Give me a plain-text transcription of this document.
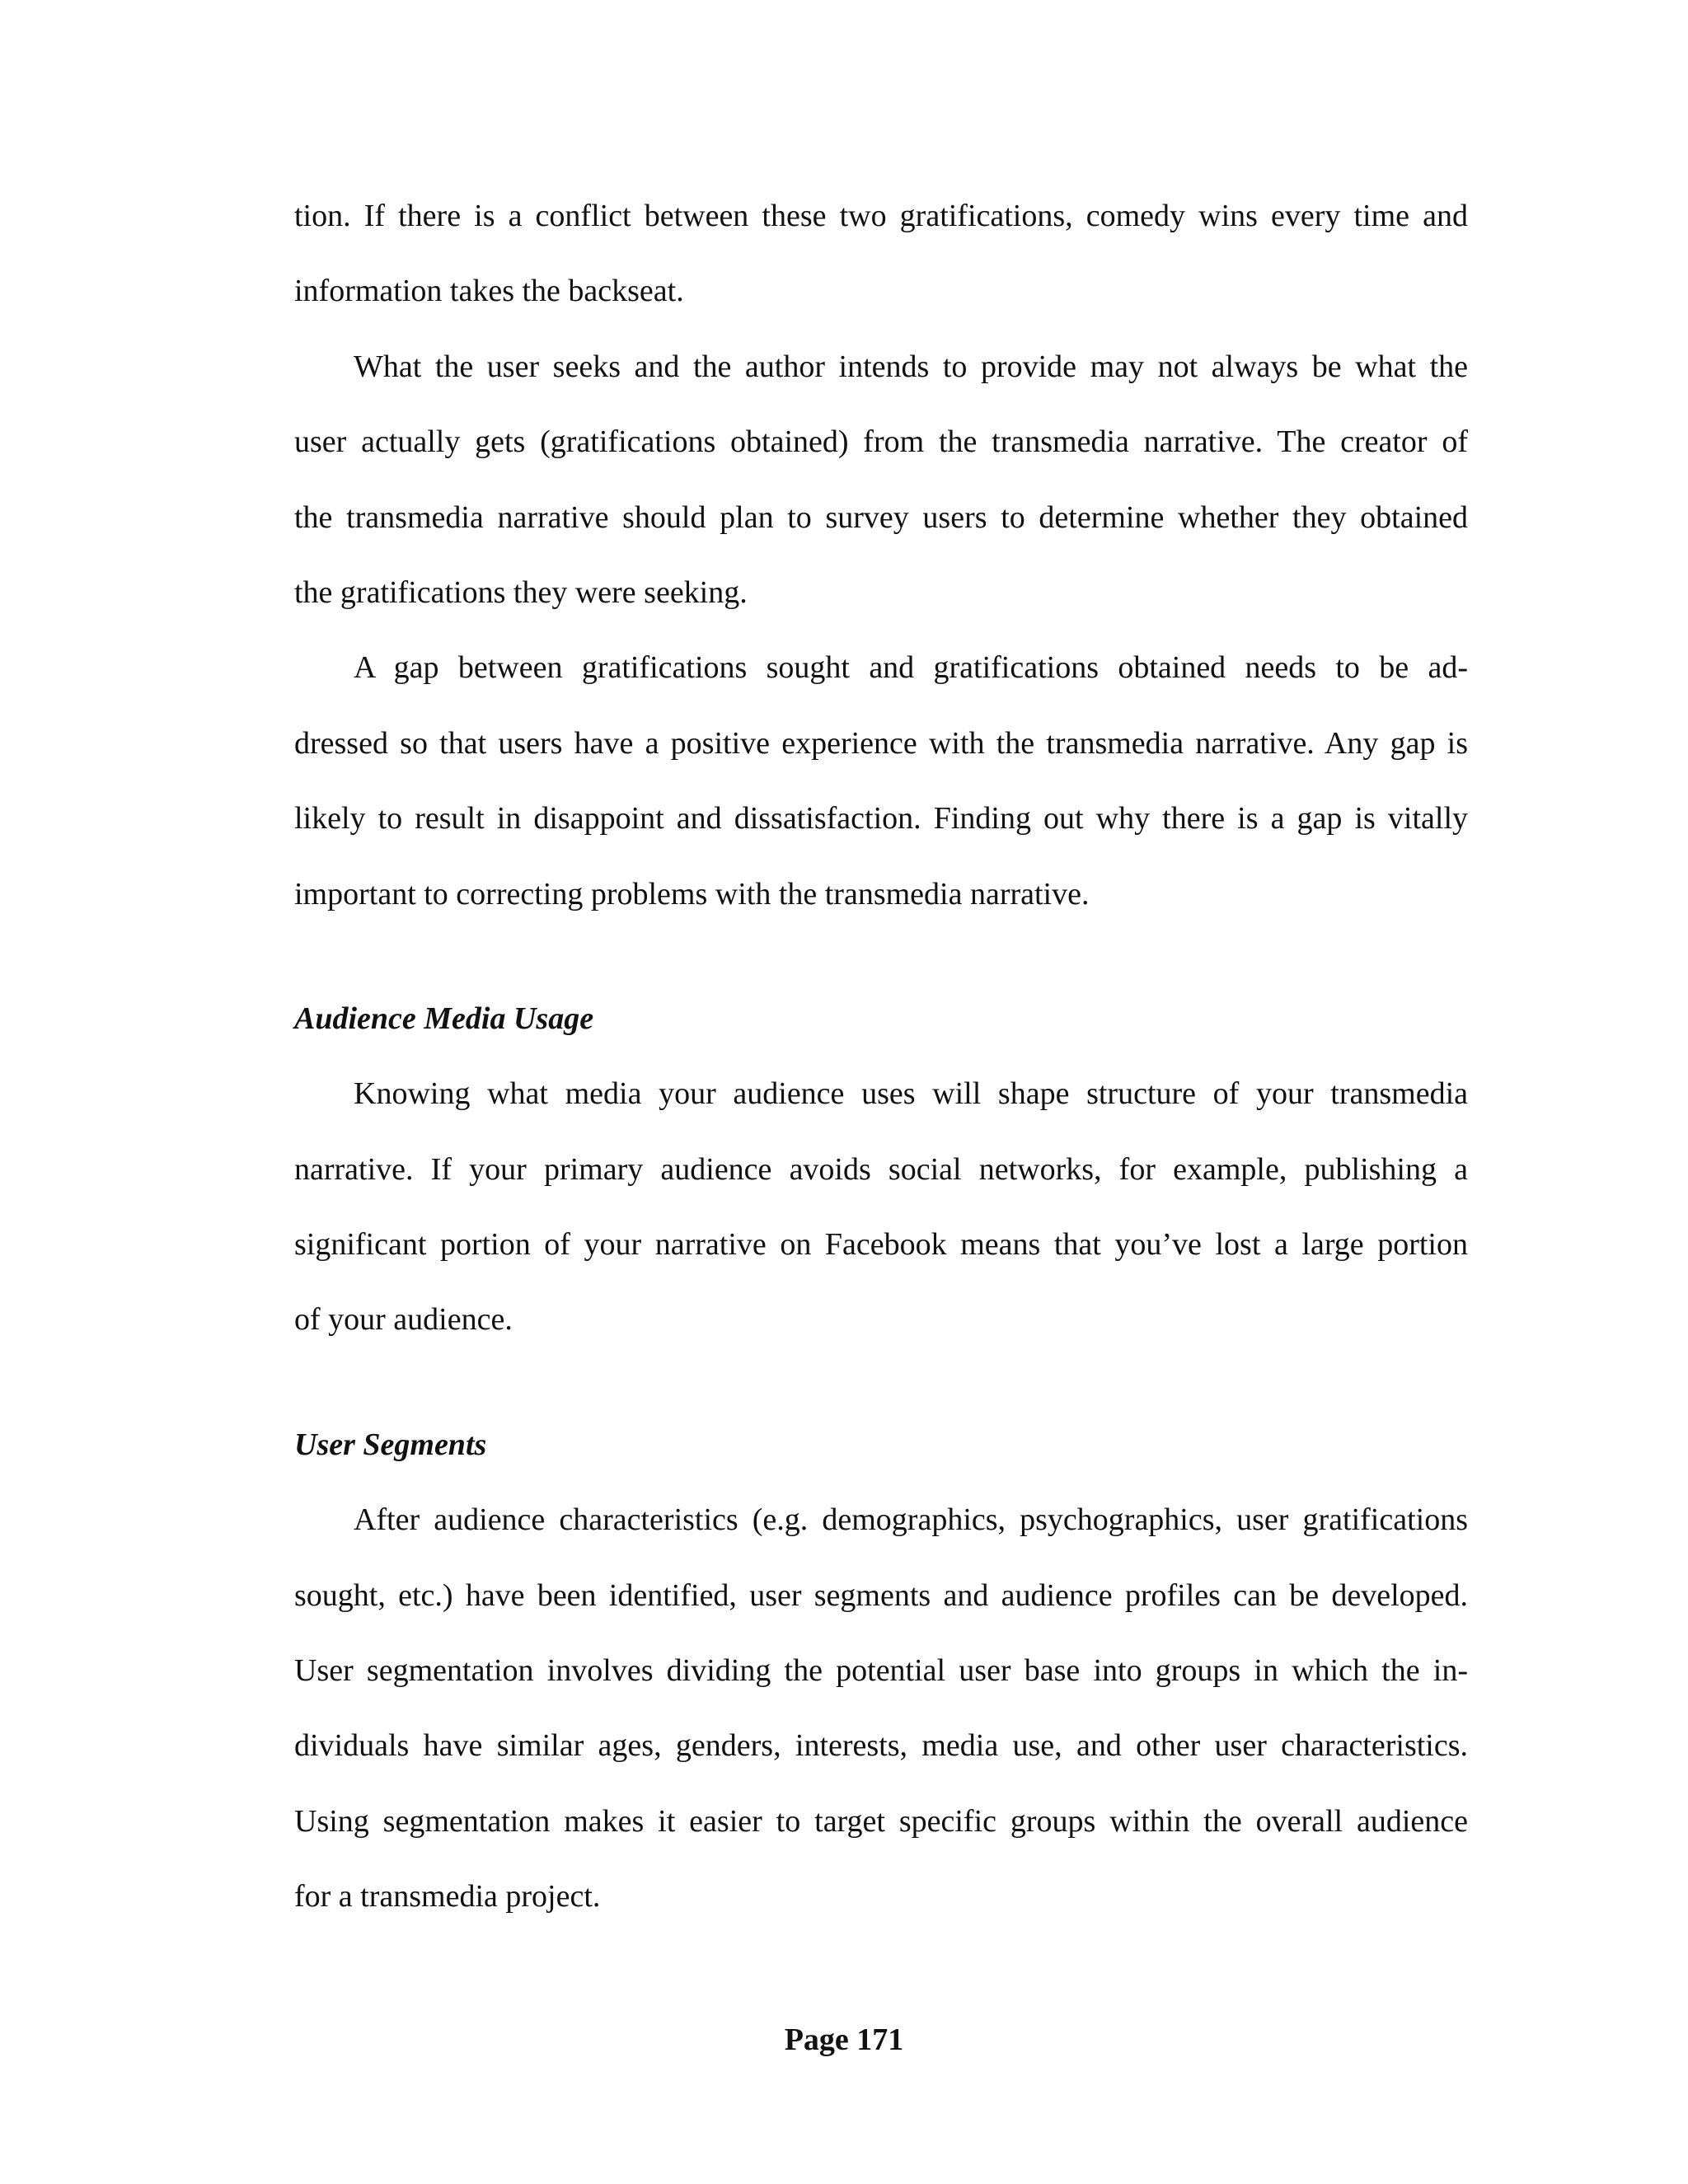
tion. If there is a conflict between these two gratifications, comedy wins every time and
information takes the backseat.
What the user seeks and the author intends to provide may not always be what the
user actually gets (gratifications obtained) from the transmedia narrative. The creator of
the transmedia narrative should plan to survey users to determine whether they obtained
the gratifications they were seeking.
A gap between gratifications sought and gratifications obtained needs to be ad-
dressed so that users have a positive experience with the transmedia narrative. Any gap is
likely to result in disappoint and dissatisfaction. Finding out why there is a gap is vitally
important to correcting problems with the transmedia narrative.
Audience Media Usage
Knowing what media your audience uses will shape structure of your transmedia
narrative. If your primary audience avoids social networks, for example, publishing a
significant portion of your narrative on Facebook means that you’ve lost a large portion
of your audience.
User Segments
After audience characteristics (e.g. demographics, psychographics, user gratifications
sought, etc.) have been identified, user segments and audience profiles can be developed.
User segmentation involves dividing the potential user base into groups in which the in-
dividuals have similar ages, genders, interests, media use, and other user characteristics.
Using segmentation makes it easier to target specific groups within the overall audience
for a transmedia project.
Page 171
